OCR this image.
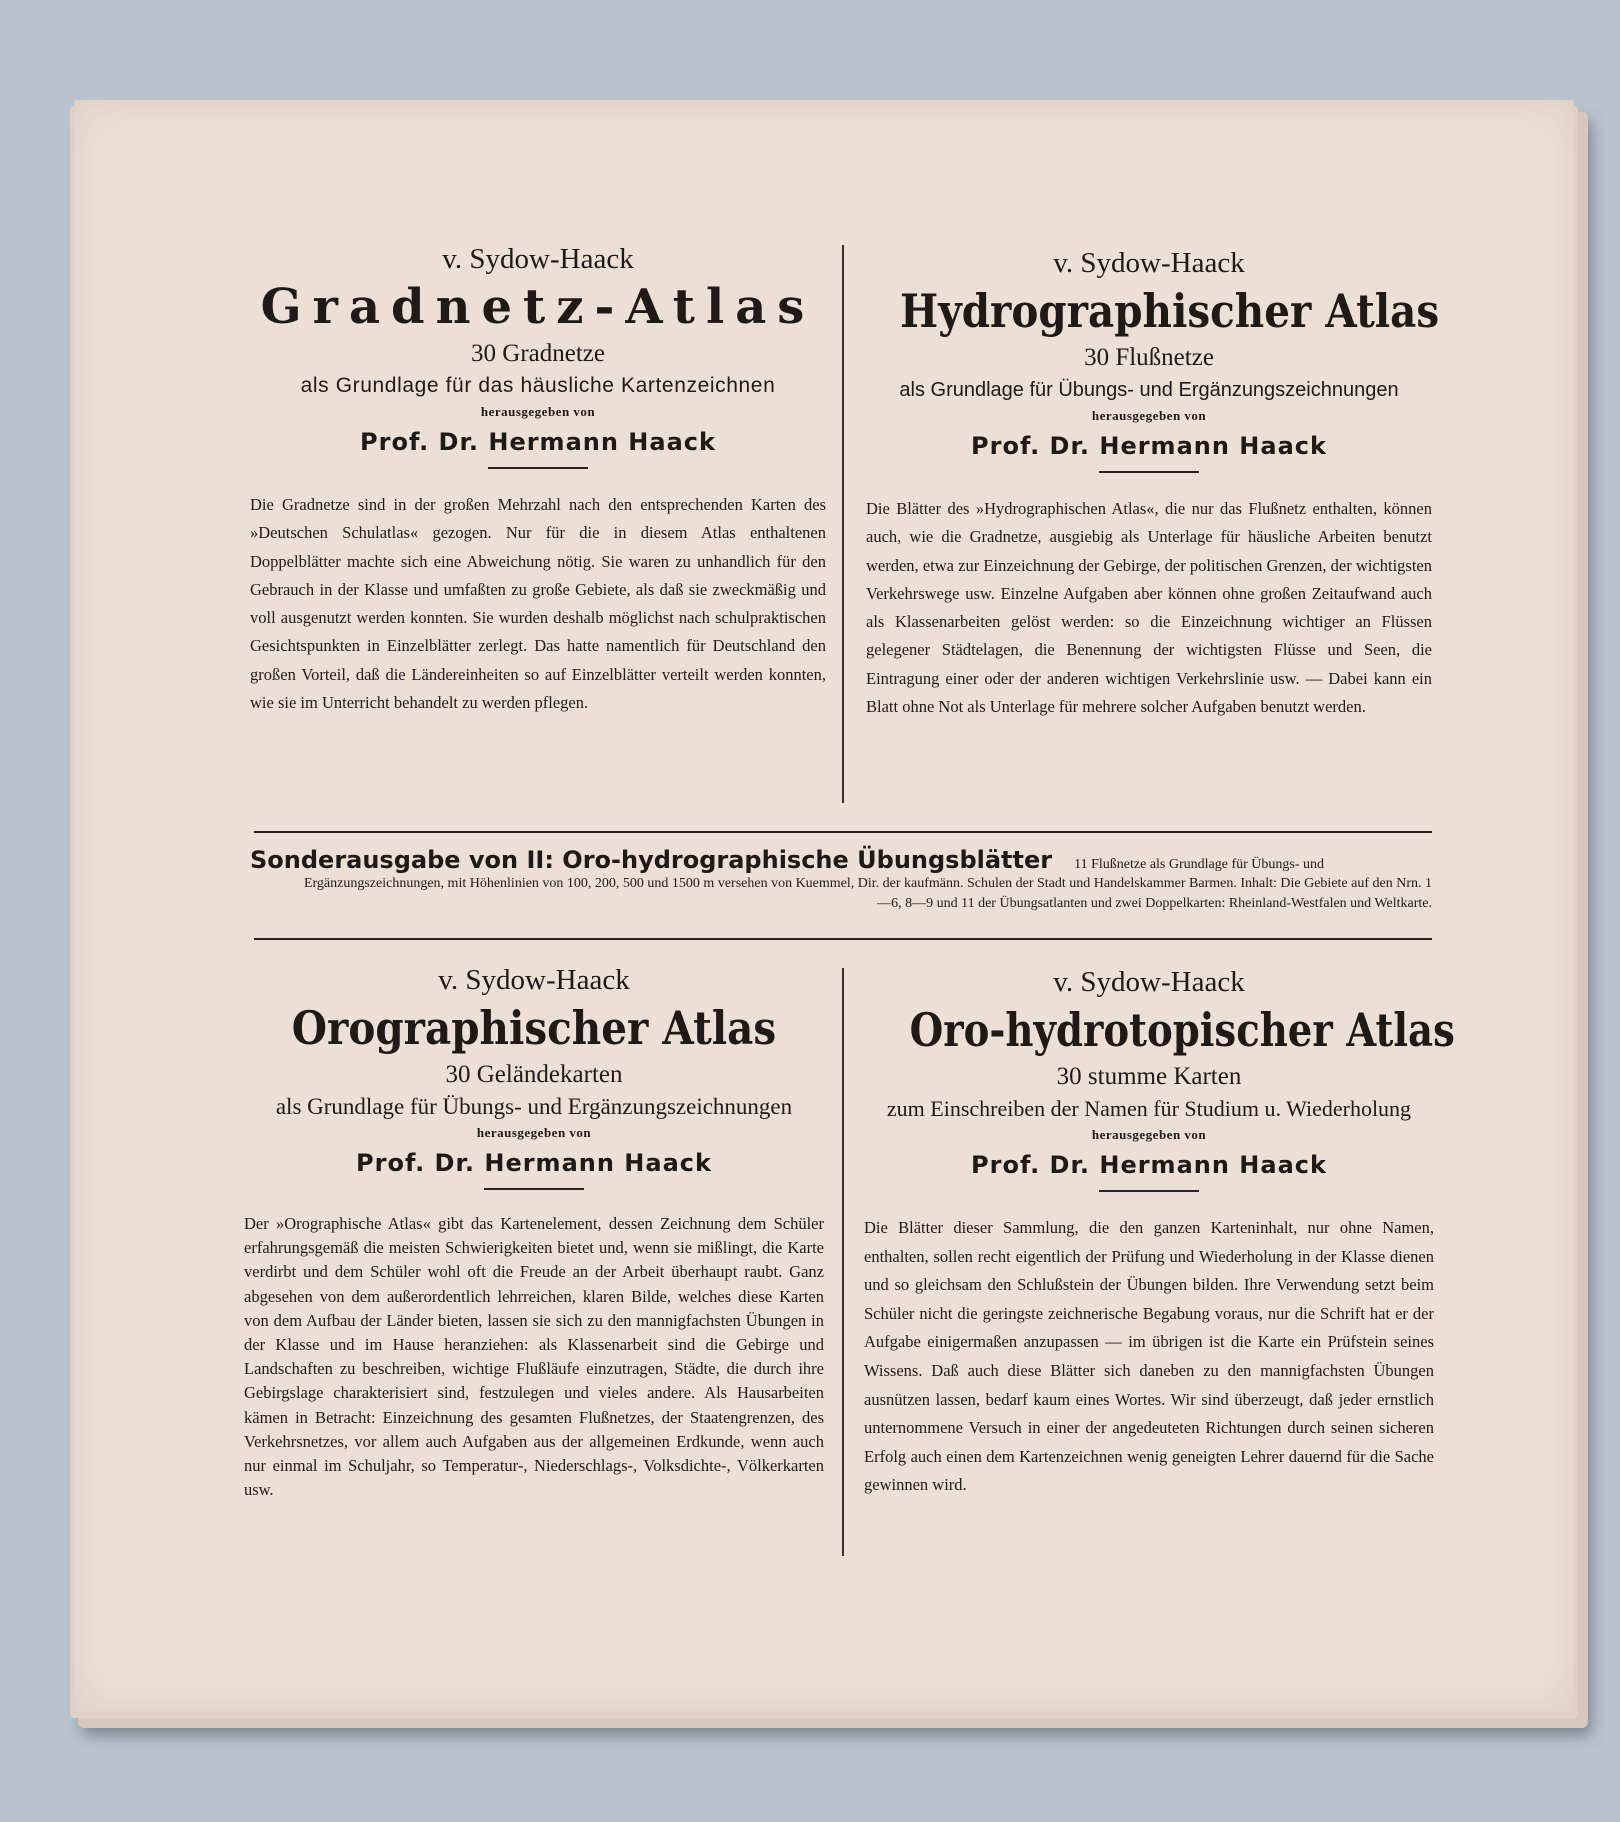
v. Sydow-Haack
Gradnetz-Atlas
30 Gradnetze
als Grundlage für das häusliche Kartenzeichnen
herausgegeben von
Prof. Dr. Hermann Haack
Die Gradnetze sind in der großen Mehrzahl nach den entsprechenden Karten des »Deutschen Schulatlas« gezogen. Nur für die in diesem Atlas enthaltenen Doppelblätter machte sich eine Abweichung nötig. Sie waren zu unhandlich für den Gebrauch in der Klasse und umfaßten zu große Gebiete, als daß sie zweckmäßig und voll ausgenutzt werden konnten. Sie wurden deshalb möglichst nach schulpraktischen Gesichtspunkten in Einzelblätter zerlegt. Das hatte namentlich für Deutschland den großen Vorteil, daß die Ländereinheiten so auf Einzelblätter verteilt werden konnten, wie sie im Unterricht behandelt zu werden pflegen.
v. Sydow-Haack
Hydrographischer Atlas
30 Flußnetze
als Grundlage für Übungs- und Ergänzungszeichnungen
herausgegeben von
Prof. Dr. Hermann Haack
Die Blätter des »Hydrographischen Atlas«, die nur das Flußnetz enthalten, können auch, wie die Gradnetze, ausgiebig als Unterlage für häusliche Arbeiten benutzt werden, etwa zur Einzeichnung der Gebirge, der politischen Grenzen, der wichtigsten Verkehrswege usw. Einzelne Aufgaben aber können ohne großen Zeitaufwand auch als Klassenarbeiten gelöst werden: so die Einzeichnung wichtiger an Flüssen gelegener Städtelagen, die Benennung der wichtigsten Flüsse und Seen, die Eintragung einer oder der anderen wichtigen Verkehrslinie usw. — Dabei kann ein Blatt ohne Not als Unterlage für mehrere solcher Aufgaben benutzt werden.
Sonderausgabe von II: Oro-hydrographische Übungsblätter 11 Flußnetze als Grundlage für Übungs- und
Ergänzungszeichnungen, mit Höhenlinien von 100, 200, 500 und 1500 m versehen von Kuemmel, Dir. der kaufmänn. Schulen der Stadt und Handelskammer Barmen. Inhalt: Die Gebiete auf den Nrn. 1—6, 8—9 und 11 der Übungsatlanten und zwei Doppelkarten: Rheinland-Westfalen und Weltkarte.
v. Sydow-Haack
Orographischer Atlas
30 Geländekarten
als Grundlage für Übungs- und Ergänzungszeichnungen
herausgegeben von
Prof. Dr. Hermann Haack
Der »Orographische Atlas« gibt das Kartenelement, dessen Zeichnung dem Schüler erfahrungsgemäß die meisten Schwierigkeiten bietet und, wenn sie mißlingt, die Karte verdirbt und dem Schüler wohl oft die Freude an der Arbeit überhaupt raubt. Ganz abgesehen von dem außerordentlich lehrreichen, klaren Bilde, welches diese Karten von dem Aufbau der Länder bieten, lassen sie sich zu den mannigfachsten Übungen in der Klasse und im Hause heranziehen: als Klassenarbeit sind die Gebirge und Landschaften zu beschreiben, wichtige Flußläufe einzutragen, Städte, die durch ihre Gebirgslage charakterisiert sind, festzulegen und vieles andere. Als Hausarbeiten kämen in Betracht: Einzeichnung des gesamten Flußnetzes, der Staatengrenzen, des Verkehrsnetzes, vor allem auch Aufgaben aus der allgemeinen Erdkunde, wenn auch nur einmal im Schuljahr, so Temperatur-, Niederschlags-, Volksdichte-, Völkerkarten usw.
v. Sydow-Haack
Oro-hydrotopischer Atlas
30 stumme Karten
zum Einschreiben der Namen für Studium u. Wiederholung
herausgegeben von
Prof. Dr. Hermann Haack
Die Blätter dieser Sammlung, die den ganzen Karteninhalt, nur ohne Namen, enthalten, sollen recht eigentlich der Prüfung und Wiederholung in der Klasse dienen und so gleichsam den Schlußstein der Übungen bilden. Ihre Verwendung setzt beim Schüler nicht die geringste zeichnerische Begabung voraus, nur die Schrift hat er der Aufgabe einigermaßen anzupassen — im übrigen ist die Karte ein Prüfstein seines Wissens. Daß auch diese Blätter sich daneben zu den mannigfachsten Übungen ausnützen lassen, bedarf kaum eines Wortes. Wir sind überzeugt, daß jeder ernstlich unternommene Versuch in einer der angedeuteten Richtungen durch seinen sicheren Erfolg auch einen dem Kartenzeichnen wenig geneigten Lehrer dauernd für die Sache gewinnen wird.
